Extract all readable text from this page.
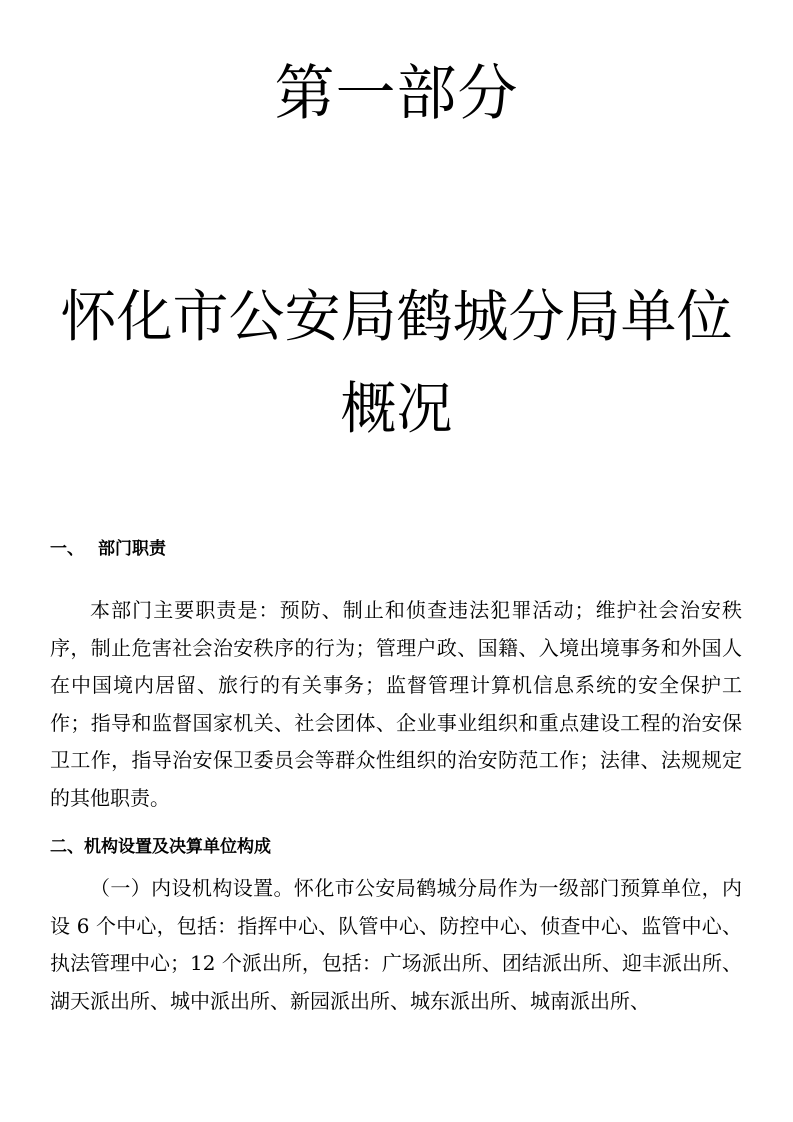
第一部分
怀化市公安局鹤城分局单位
概况
一、 部门职责

本部门主要职责是：预防、制止和侦查违法犯罪活动；维护社会治安秩序，制止危害社会治安秩序的行为；管理户政、国籍、入境出境事务和外国人在中国境内居留、旅行的有关事务；监督管理计算机信息系统的安全保护工作；指导和监督国家机关、社会团体、企业事业组织和重点建设工程的治安保卫工作，指导治安保卫委员会等群众性组织的治安防范工作；法律、法规规定的其他职责。

二、机构设置及决算单位构成

（一）内设机构设置。怀化市公安局鹤城分局作为一级部门预算单位，内设 6 个中心，包括：指挥中心、队管中心、防控中心、侦查中心、监管中心、执法管理中心；12 个派出所，包括：广场派出所、团结派出所、迎丰派出所、湖天派出所、城中派出所、新园派出所、城东派出所、城南派出所、
